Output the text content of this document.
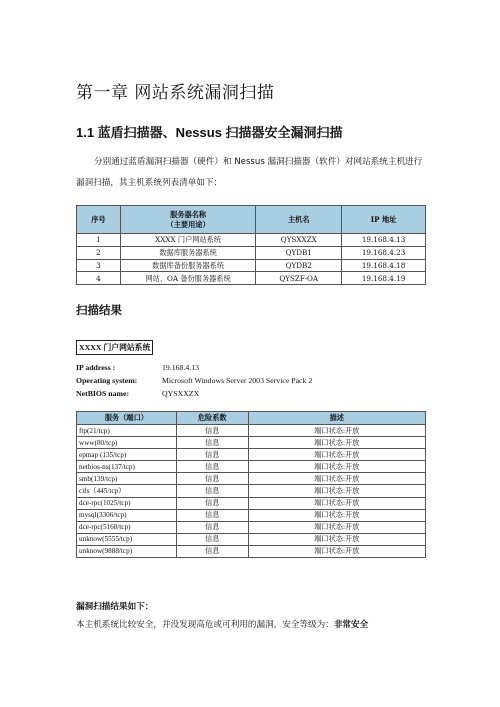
第一章 网站系统漏洞扫描
1.1 蓝盾扫描器、Nessus 扫描器安全漏洞扫描
分别通过蓝盾漏洞扫描器（硬件）和 Nessus 漏洞扫描器（软件）对网站系统主机进行漏洞扫描，其主机系统列表清单如下：
序号	服务器名称
（主要用途）	主机名	IP 地址
1	XXXX 门户网站系统	QYSXXZX	19.168.4.13
2	数据库服务器系统	QYDB1	19.168.4.23
3	数据库备份服务器系统	QYDB2	19.168.4.18
4	网站、OA 备份服务器系统	QYSZF-OA	19.168.4.19
扫描结果
XXXX 门户网站系统
IP address :	19.168.4.13
Operating system:	Microsoft Windows Server 2003 Service Pack 2
NetBIOS name:	QYSXXZX
服务（端口）	危险系数	描述
ftp(21/tcp)	信息	端口状态:开放
www(80/tcp)	信息	端口状态:开放
epmap (135/tcp)	信息	端口状态:开放
netbios-ns(137/tcp)	信息	端口状态:开放
smb(139/tcp)	信息	端口状态:开放
cifs（445/tcp）	信息	端口状态:开放
dce-rpc(1025/tcp)	信息	端口状态:开放
mysql(3306/tcp)	信息	端口状态:开放
dce-rpc(5168/tcp)	信息	端口状态:开放
unknow(5555/tcp)	信息	端口状态:开放
unknow(9888/tcp)	信息	端口状态:开放
漏洞扫描结果如下：
本主机系统比较安全，并没发现高危或可利用的漏洞，安全等级为：非常安全
